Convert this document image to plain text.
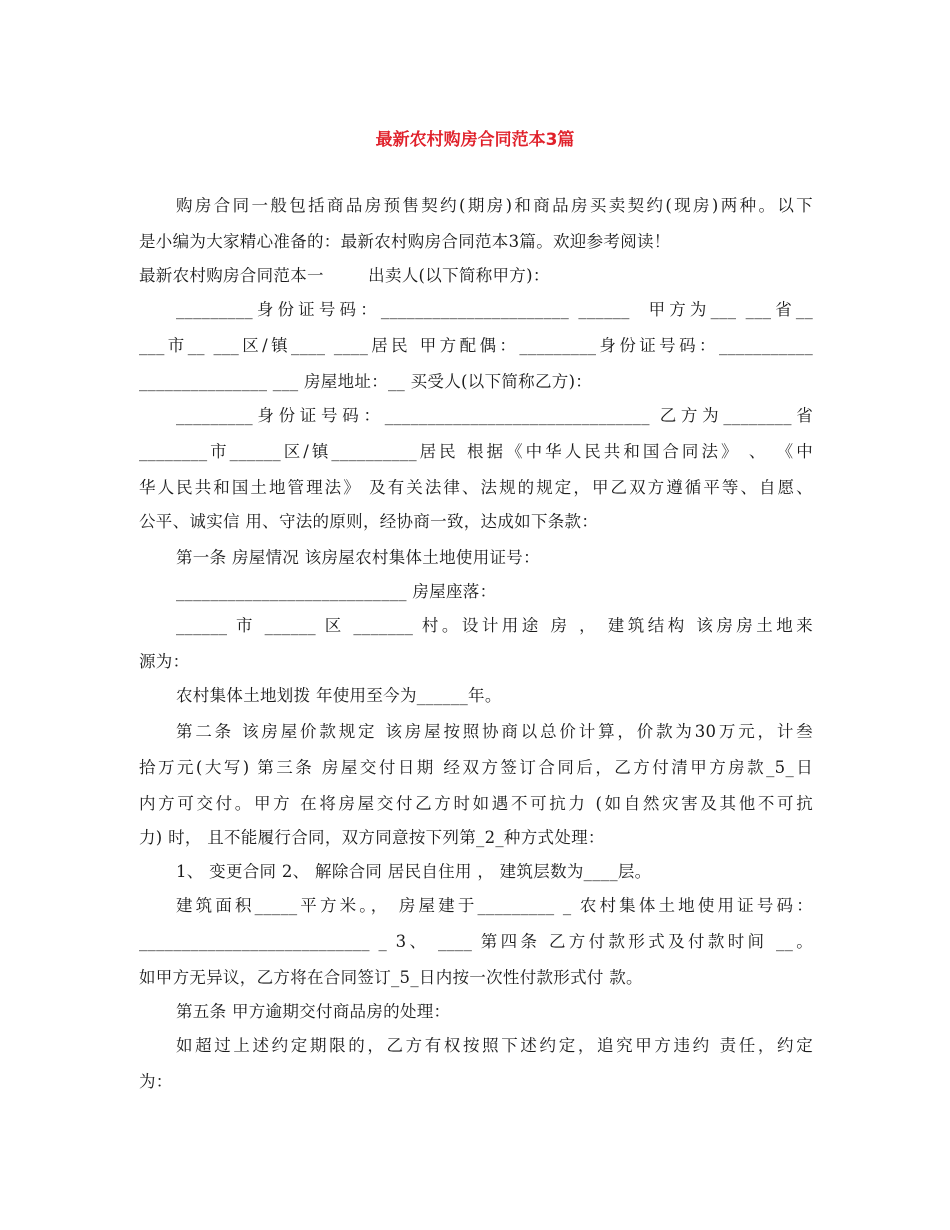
最新农村购房合同范本3篇
购房合同一般包括商品房预售契约(期房)和商品房买卖契约(现房)两种。以下
是小编为大家精心准备的：最新农村购房合同范本3篇。欢迎参考阅读！
最新农村购房合同范本一        出卖人(以下简称甲方)：
_________身份证号码：______________________ ______  甲方为___ ___省__
___市__ ___区/镇____ ____居民 甲方配偶：_________身份证号码：___________
_______________ ___ 房屋地址：__ 买受人(以下简称乙方)：
_________身份证号码：_______________________________ 乙方为________省
________市______区/镇__________居民 根据《中华人民共和国合同法》 、 《中
华人民共和国土地管理法》 及有关法律、法规的规定，甲乙双方遵循平等、自愿、
公平、诚实信 用、守法的原则，经协商一致，达成如下条款：
第一条 房屋情况 该房屋农村集体土地使用证号：
___________________________ 房屋座落：
______ 市 ______ 区 _______ 村。设计用途 房 ， 建筑结构 该房房土地来
源为：
农村集体土地划拨 年使用至今为______年。
第二条 该房屋价款规定 该房屋按照协商以总价计算，价款为30万元，计叁
拾万元(大写) 第三条 房屋交付日期 经双方签订合同后，乙方付清甲方房款_5_日
内方可交付。甲方 在将房屋交付乙方时如遇不可抗力 (如自然灾害及其他不可抗
力) 时， 且不能履行合同，双方同意按下列第_2_种方式处理：
1、 变更合同 2、 解除合同 居民自住用 ， 建筑层数为____层。
建筑面积_____平方米。， 房屋建于_________ _ 农村集体土地使用证号码：
___________________________ _ 3、 ____ 第四条 乙方付款形式及付款时间 __。
如甲方无异议，乙方将在合同签订_5_日内按一次性付款形式付 款。
第五条 甲方逾期交付商品房的处理：
如超过上述约定期限的，乙方有权按照下述约定，追究甲方违约 责任，约定
为：
